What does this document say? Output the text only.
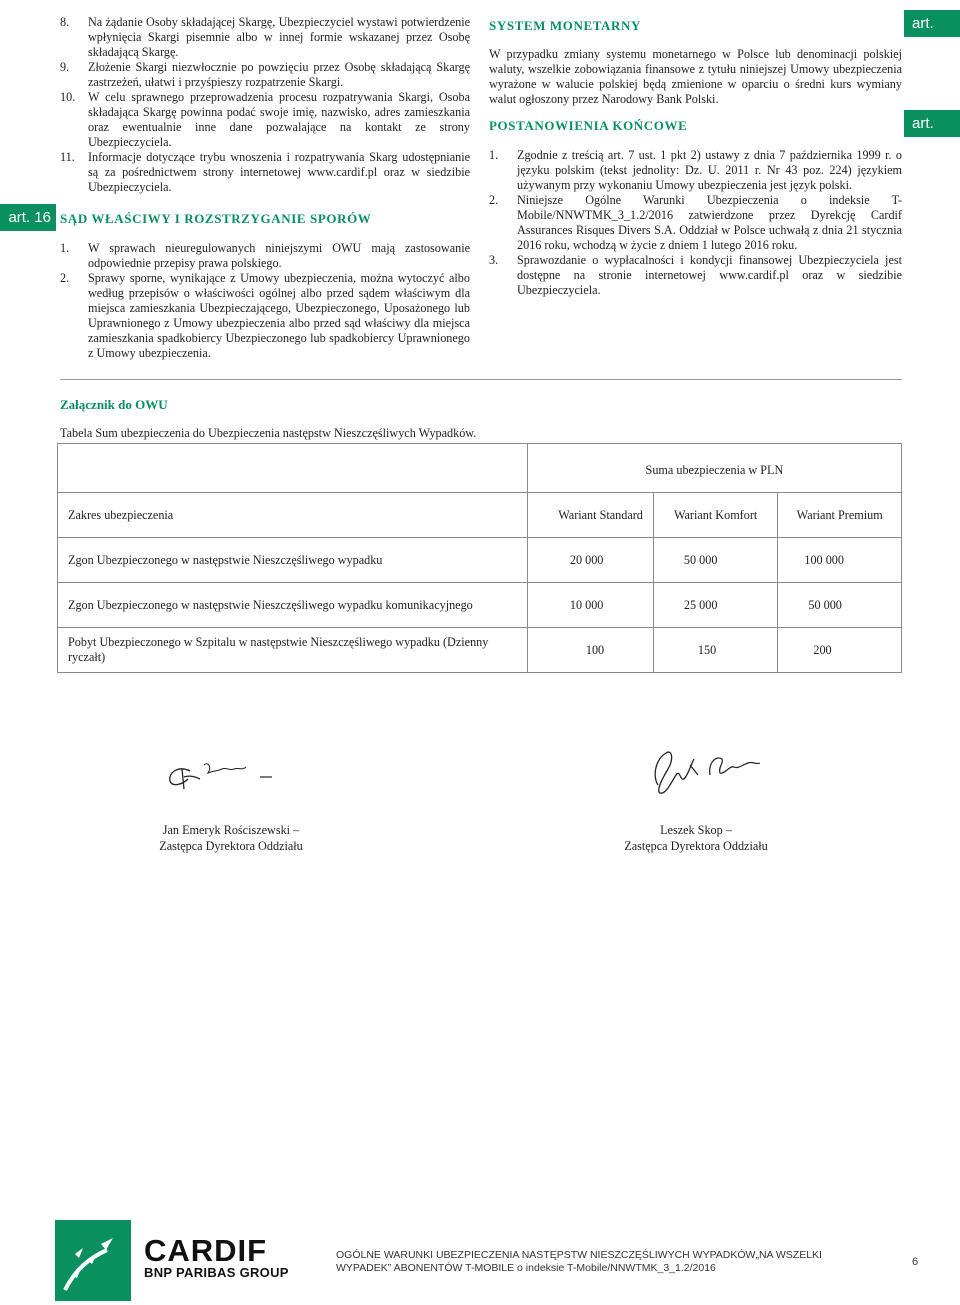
8. Na żądanie Osoby składającej Skargę, Ubezpieczyciel wystawi potwierdzenie wpłynięcia Skargi pisemnie albo w innej formie wskazanej przez Osobę składającą Skargę.
9. Złożenie Skargi niezwłocznie po powzięciu przez Osobę składającą Skargę zastrzeżeń, ułatwi i przyśpieszy rozpatrzenie Skargi.
10. W celu sprawnego przeprowadzenia procesu rozpatrywania Skargi, Osoba składająca Skargę powinna podać swoje imię, nazwisko, adres zamieszkania oraz ewentualnie inne dane pozwalające na kontakt ze strony Ubezpieczyciela.
11. Informacje dotyczące trybu wnoszenia i rozpatrywania Skarg udostępnianie są za pośrednictwem strony internetowej www.cardif.pl oraz w siedzibie Ubezpieczyciela.
art. 16 SĄD WŁAŚCIWY I ROZSTRZYGANIE SPORÓW
1. W sprawach nieuregulowanych niniejszymi OWU mają zastosowanie odpowiednie przepisy prawa polskiego.
2. Sprawy sporne, wynikające z Umowy ubezpieczenia, można wytoczyć albo według przepisów o właściwości ogólnej albo przed sądem właściwym dla miejsca zamieszkania Ubezpieczającego, Ubezpieczonego, Uposażonego lub Uprawnionego z Umowy ubezpieczenia albo przed sąd właściwy dla miejsca zamieszkania spadkobiercy Ubezpieczonego lub spadkobiercy Uprawnionego z Umowy ubezpieczenia.
art. 17
SYSTEM MONETARNY
W przypadku zmiany systemu monetarnego w Polsce lub denominacji polskiej waluty, wszelkie zobowiązania finansowe z tytułu niniejszej Umowy ubezpieczenia wyrażone w walucie polskiej będą zmienione w oparciu o średni kurs wymiany walut ogłoszony przez Narodowy Bank Polski.
art. 18
POSTANOWIENIA KOŃCOWE
1. Zgodnie z treścią art. 7 ust. 1 pkt 2) ustawy z dnia 7 października 1999 r. o języku polskim (tekst jednolity: Dz. U. 2011 r. Nr 43 poz. 224) językiem używanym przy wykonaniu Umowy ubezpieczenia jest język polski.
2. Niniejsze Ogólne Warunki Ubezpieczenia o indeksie T-Mobile/NNWTMK_3_1.2/2016 zatwierdzone przez Dyrekcję Cardif Assurances Risques Divers S.A. Oddział w Polsce uchwałą z dnia 21 stycznia 2016 roku, wchodzą w życie z dniem 1 lutego 2016 roku.
3. Sprawozdanie o wypłacalności i kondycji finansowej Ubezpieczyciela jest dostępne na stronie internetowej www.cardif.pl oraz w siedzibie Ubezpieczyciela.
Załącznik do OWU
Tabela Sum ubezpieczenia do Ubezpieczenia następstw Nieszczęśliwych Wypadków.
	Suma ubezpieczenia w PLN		
Zakres ubezpieczenia	Wariant Standard	Wariant Komfort	Wariant Premium
Zgon Ubezpieczonego w następstwie Nieszczęśliwego wypadku	20 000	50 000	100 000
Zgon Ubezpieczonego w następstwie Nieszczęśliwego wypadku komunikacyjnego	10 000	25 000	50 000
Pobyt Ubezpieczonego w Szpitalu w następstwie Nieszczęśliwego wypadku (Dzienny ryczałt)	100	150	200
Jan Emeryk Rościszewski –
Zastępca Dyrektora Oddziału
Leszek Skop –
Zastępca Dyrektora Oddziału
CARDIF
BNP PARIBAS GROUP
OGÓLNE WARUNKI UBEZPIECZENIA NASTĘPSTW NIESZCZĘŚLIWYCH WYPADKÓW„NA WSZELKI
WYPADEK” ABONENTÓW T-MOBILE o indeksie T-Mobile/NNWTMK_3_1.2/2016	6
